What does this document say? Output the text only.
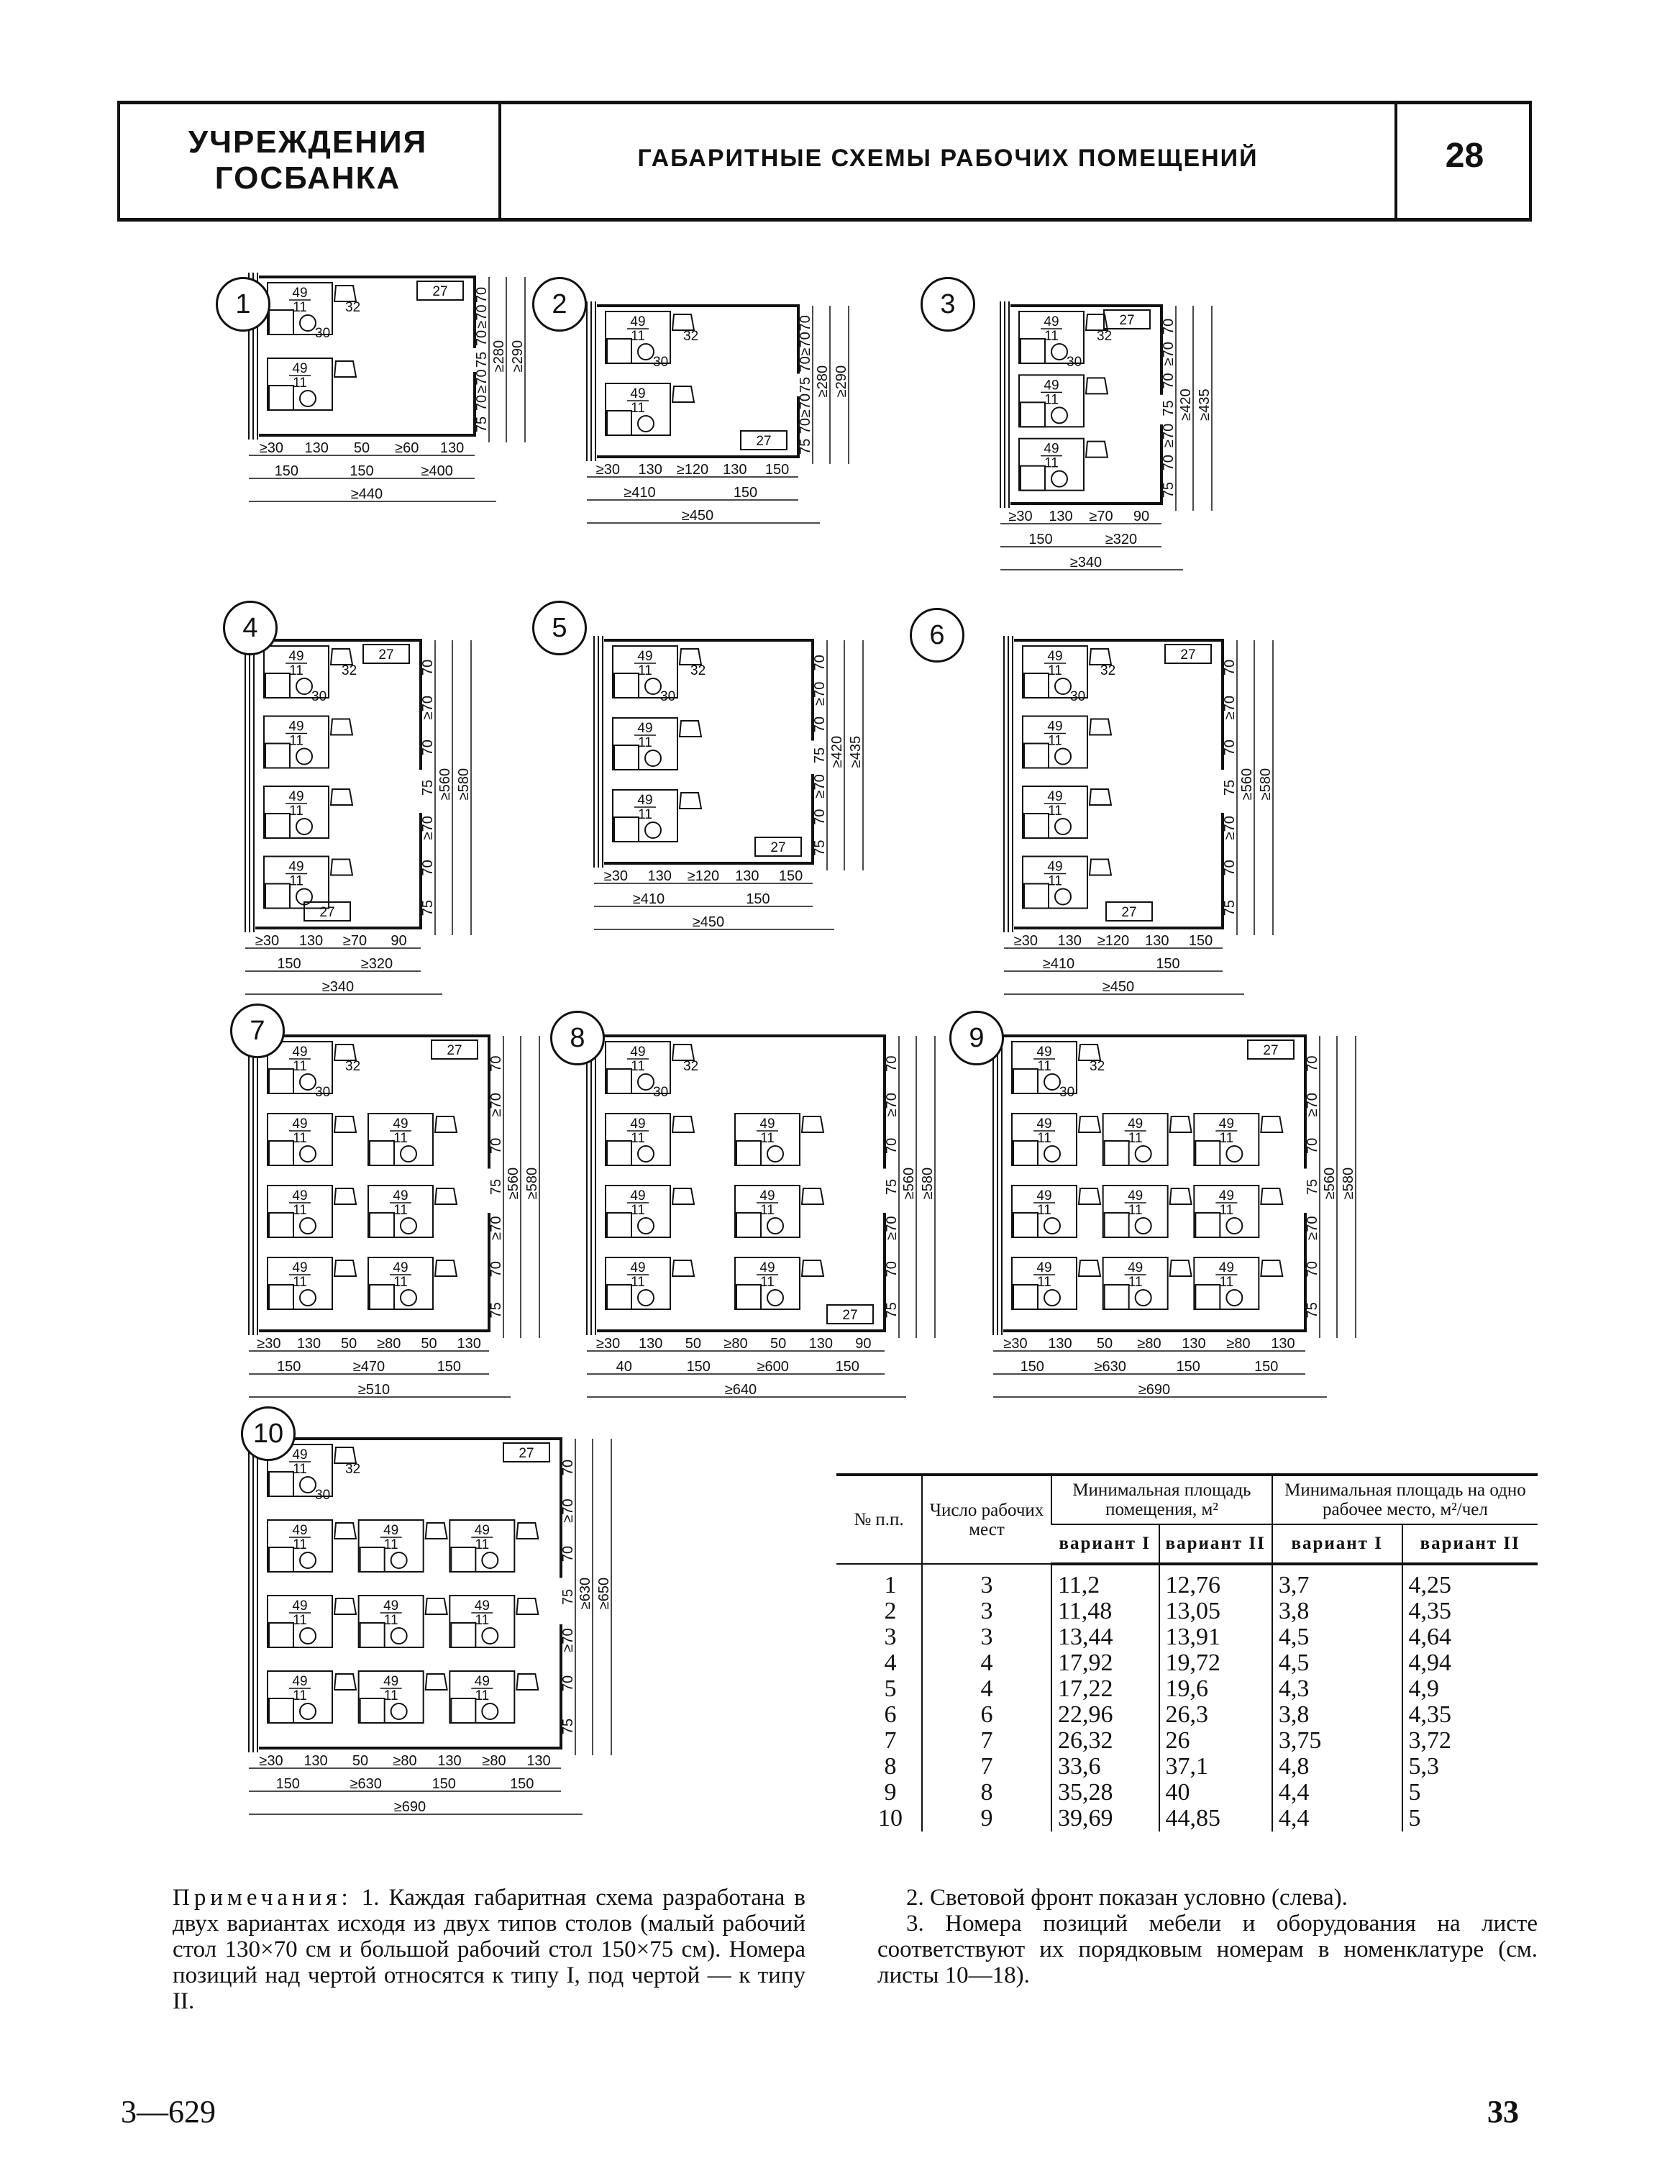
УЧРЕЖДЕНИЯ
ГОСБАНКА
ГАБАРИТНЫЕ СХЕМЫ РАБОЧИХ ПОМЕЩЕНИЙ	28
49
11
49
11
27
32
30
≥30 130 50 ≥60 130
150	150	≥400
≥440
70
≥70
70
75
≥70
70
75
≥280 ≥290
1
49
11
49
11
27
32
30
≥30 130 ≥120 130 150
≥410	150
≥450
70
≥70
70
75
≥70
70
75
≥280 ≥290
2
49
11
49
11
49
11
27
32
30
≥30 130 ≥70 90
150	≥320
≥340
70
≥70
70
75
≥70
70
75
≥420 ≥435
3
49
11
49
11
49
11
49
11
27
27
32
30
≥30 130 ≥70 90
150	≥320
≥340
70
≥70
70
75
≥70
70
75
≥560 ≥580
4
49
11
49
11
49
11
27
32
30
≥30 130 ≥120 130 150
≥410	150
≥450
70
≥70
70
75
≥70
70
75
≥420 ≥435
5
49
11
49
11
49
11
49
11
27
27
32
30
≥30 130 ≥120 130 150
≥410	150
≥450
70
≥70
70
75
≥70
70
75
≥560 ≥580
6
49
11
49
11
49
11
49
11
49
11
49
11
49
11
27
32
30
≥30 130 50 ≥80 50 130
150	≥470	150
≥510
70
≥70
70
75
≥70
70
75
≥560 ≥580
7
49
11
49
11
49
11
49
11
49
11
49
11
49
11
27
32
30
≥30 130 50 ≥80 50 130 90
40	150	≥600	150
≥640
70
≥70
70
75
≥70
70
75
≥560 ≥580
8	49
11
49
11
49
11
49
11
49
11
49
11
49
11
49
11
49
11
49
11
27
32
30
≥30 130 50 ≥80 130 ≥80 130
150	≥630	150	150
≥690
70
≥70
70
75
≥70
70
75
≥560 ≥580
9
49
11
49
11
49
11
49
11
49
11
49
11
49
11
49
11
49
11
49
11
27
32
30
≥30 130 50 ≥80 130 ≥80 130
150	≥630	150	150
≥690
70
≥70
70
75
≥70
70
75
≥630 ≥650
10
№ п.п.	Число рабочих мест	Минимальная площадь помещения, м²		Минимальная площадь на одно рабочее место, м²/чел	
		вариант I	вариант II	вариант I	вариант II
1	3	11,2	12,76	3,7	4,25
2	3	11,48	13,05	3,8	4,35
3	3	13,44	13,91	4,5	4,64
4	4	17,92	19,72	4,5	4,94
5	4	17,22	19,6	4,3	4,9
6	6	22,96	26,3	3,8	4,35
7	7	26,32	26	3,75	3,72
8	7	33,6	37,1	4,8	5,3
9	8	35,28	40	4,4	5
10	9	39,69	44,85	4,4	5
Примечания: 1. Каждая габаритная схема разработана в двух вариантах исходя из двух типов столов (малый рабочий стол 130×70 см и большой рабочий стол 150×75 см). Номера позиций над чертой относятся к типу I, под чертой — к типу II.
2. Световой фронт показан условно (слева).
3. Номера позиций мебели и оборудования на листе соответствуют их порядковым номерам в номенклатуре (см. листы 10—18).
3—629	33
